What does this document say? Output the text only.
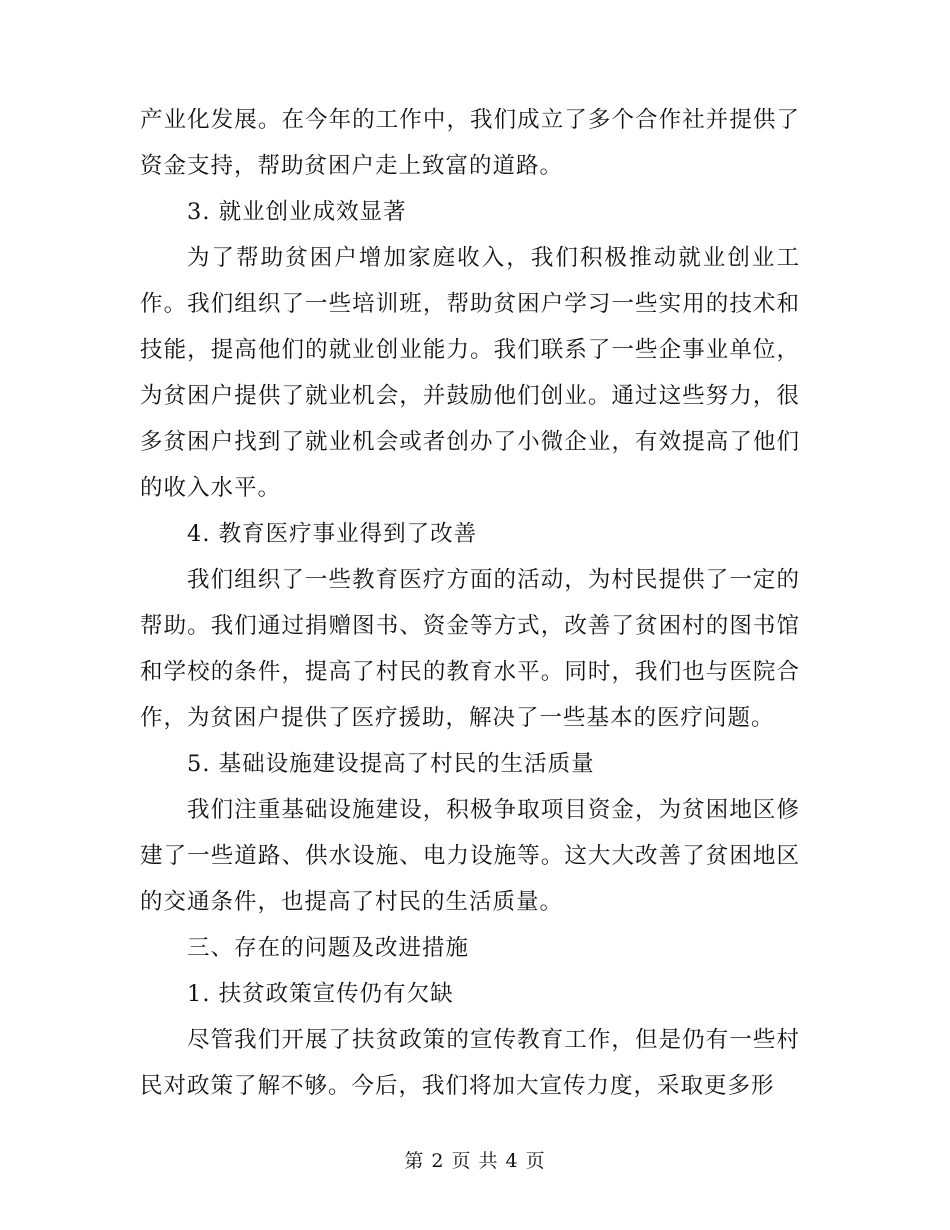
产业化发展。在今年的工作中，我们成立了多个合作社并提供了资金支持，帮助贫困户走上致富的道路。

3. 就业创业成效显著

为了帮助贫困户增加家庭收入，我们积极推动就业创业工作。我们组织了一些培训班，帮助贫困户学习一些实用的技术和技能，提高他们的就业创业能力。我们联系了一些企事业单位，为贫困户提供了就业机会，并鼓励他们创业。通过这些努力，很多贫困户找到了就业机会或者创办了小微企业，有效提高了他们的收入水平。

4. 教育医疗事业得到了改善

我们组织了一些教育医疗方面的活动，为村民提供了一定的帮助。我们通过捐赠图书、资金等方式，改善了贫困村的图书馆和学校的条件，提高了村民的教育水平。同时，我们也与医院合作，为贫困户提供了医疗援助，解决了一些基本的医疗问题。

5. 基础设施建设提高了村民的生活质量

我们注重基础设施建设，积极争取项目资金，为贫困地区修建了一些道路、供水设施、电力设施等。这大大改善了贫困地区的交通条件，也提高了村民的生活质量。

三、存在的问题及改进措施

1. 扶贫政策宣传仍有欠缺

尽管我们开展了扶贫政策的宣传教育工作，但是仍有一些村民对政策了解不够。今后，我们将加大宣传力度，采取更多形

第 2 页 共 4 页
